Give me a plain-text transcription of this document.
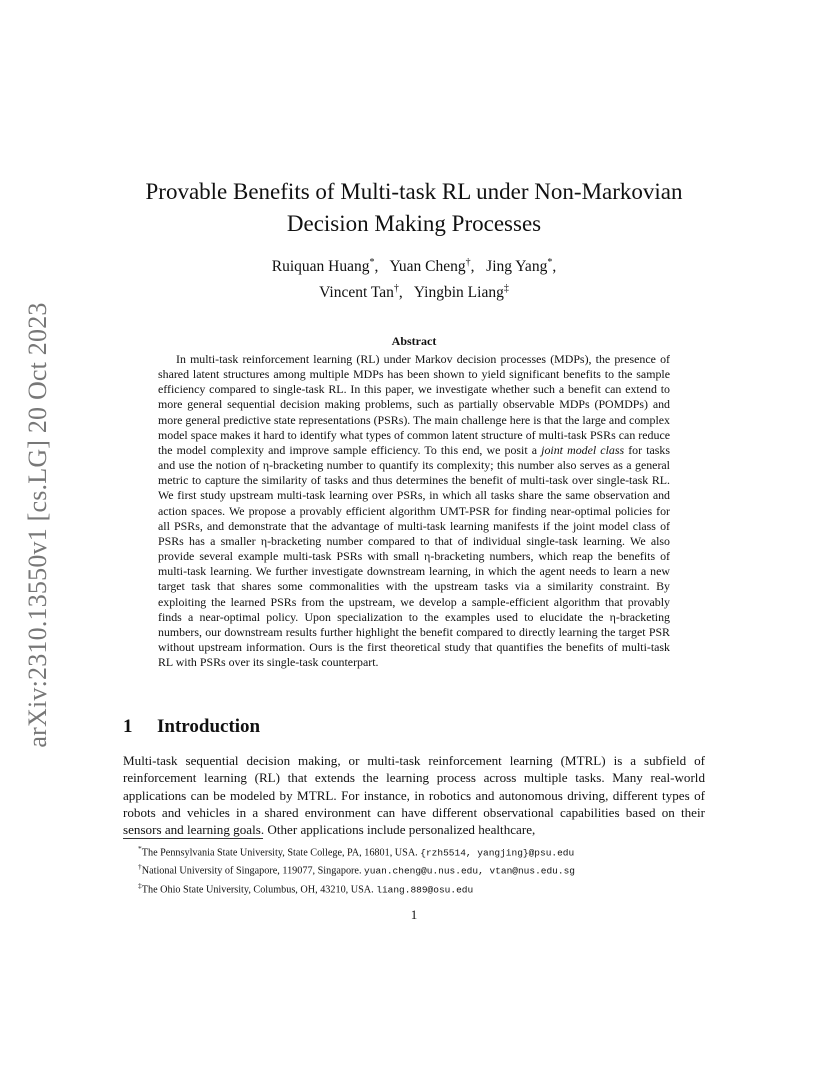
arXiv:2310.13550v1 [cs.LG] 20 Oct 2023
Provable Benefits of Multi-task RL under Non-Markovian
Decision Making Processes
Ruiquan Huang*,   Yuan Cheng†,   Jing Yang*,
Vincent Tan†,   Yingbin Liang‡
Abstract

In multi-task reinforcement learning (RL) under Markov decision processes (MDPs), the presence of shared latent structures among multiple MDPs has been shown to yield significant benefits to the sample efficiency compared to single-task RL. In this paper, we investigate whether such a benefit can extend to more general sequential decision making problems, such as partially observable MDPs (POMDPs) and more general predictive state representations (PSRs). The main challenge here is that the large and complex model space makes it hard to identify what types of common latent structure of multi-task PSRs can reduce the model complexity and improve sample efficiency. To this end, we posit a joint model class for tasks and use the notion of η-bracketing number to quantify its complexity; this number also serves as a general metric to capture the similarity of tasks and thus determines the benefit of multi-task over single-task RL. We first study upstream multi-task learning over PSRs, in which all tasks share the same observation and action spaces. We propose a provably efficient algorithm UMT-PSR for finding near-optimal policies for all PSRs, and demonstrate that the advantage of multi-task learning manifests if the joint model class of PSRs has a smaller η-bracketing number compared to that of individual single-task learning. We also provide several example multi-task PSRs with small η-bracketing numbers, which reap the benefits of multi-task learning. We further investigate downstream learning, in which the agent needs to learn a new target task that shares some commonalities with the upstream tasks via a similarity constraint. By exploiting the learned PSRs from the upstream, we develop a sample-efficient algorithm that provably finds a near-optimal policy. Upon specialization to the examples used to elucidate the η-bracketing numbers, our downstream results further highlight the benefit compared to directly learning the target PSR without upstream information. Ours is the first theoretical study that quantifies the benefits of multi-task RL with PSRs over its single-task counterpart.

1 Introduction
Multi-task sequential decision making, or multi-task reinforcement learning (MTRL) is a subfield of reinforcement learning (RL) that extends the learning process across multiple tasks. Many real-world applications can be modeled by MTRL. For instance, in robotics and autonomous driving, different types of robots and vehicles in a shared environment can have different observational capabilities based on their sensors and learning goals. Other applications include personalized healthcare,
*The Pennsylvania State University, State College, PA, 16801, USA. {rzh5514, yangjing}@psu.edu
†National University of Singapore, 119077, Singapore. yuan.cheng@u.nus.edu, vtan@nus.edu.sg
‡The Ohio State University, Columbus, OH, 43210, USA. liang.889@osu.edu
1
